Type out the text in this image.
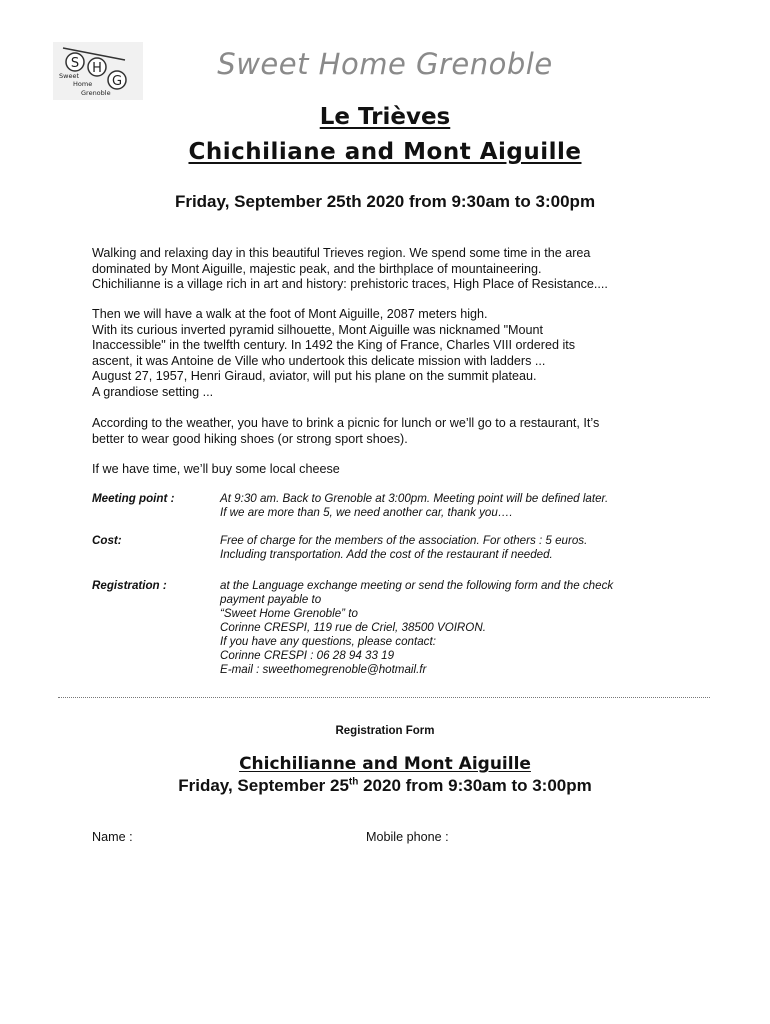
S H
G
Sweet
Home
Grenoble
Sweet Home Grenoble
Le Trièves
Chichiliane and Mont Aiguille
Friday, September 25th 2020 from 9:30am to 3:00pm

Walking and relaxing day in this beautiful Trieves region. We spend some time in the area

dominated by Mont Aiguille, majestic peak, and the birthplace of mountaineering.

Chichilianne is a village rich in art and history: prehistoric traces, High Place of Resistance....

Then we will have a walk at the foot of Mont Aiguille, 2087 meters high.

With its curious inverted pyramid silhouette, Mont Aiguille was nicknamed "Mount

Inaccessible" in the twelfth century. In 1492 the King of France, Charles VIII ordered its

ascent, it was Antoine de Ville who undertook this delicate mission with ladders ...

August 27, 1957, Henri Giraud, aviator, will put his plane on the summit plateau.

A grandiose setting ...

According to the weather, you have to brink a picnic for lunch or we’ll go to a restaurant, It’s

better to wear good hiking shoes (or strong sport shoes).

If we have time, we’ll buy some local cheese

Meeting point :	At 9:30 am. Back to Grenoble at 3:00pm. Meeting point will be defined later.
If we are more than 5, we need another car, thank you….
Cost:	Free of charge for the members of the association. For others : 5 euros.
Including transportation. Add the cost of the restaurant if needed.
Registration :	at the Language exchange meeting or send the following form and the check
payment payable to
“Sweet Home Grenoble” to
Corinne CRESPI, 119 rue de Criel, 38500 VOIRON.
If you have any questions, please contact:
Corinne CRESPI : 06 28 94 33 19
E-mail : sweethomegrenoble@hotmail.fr
Registration Form
Chichilianne and Mont Aiguille
Friday, September 25th 2020 from 9:30am to 3:00pm
Name :	Mobile phone :
